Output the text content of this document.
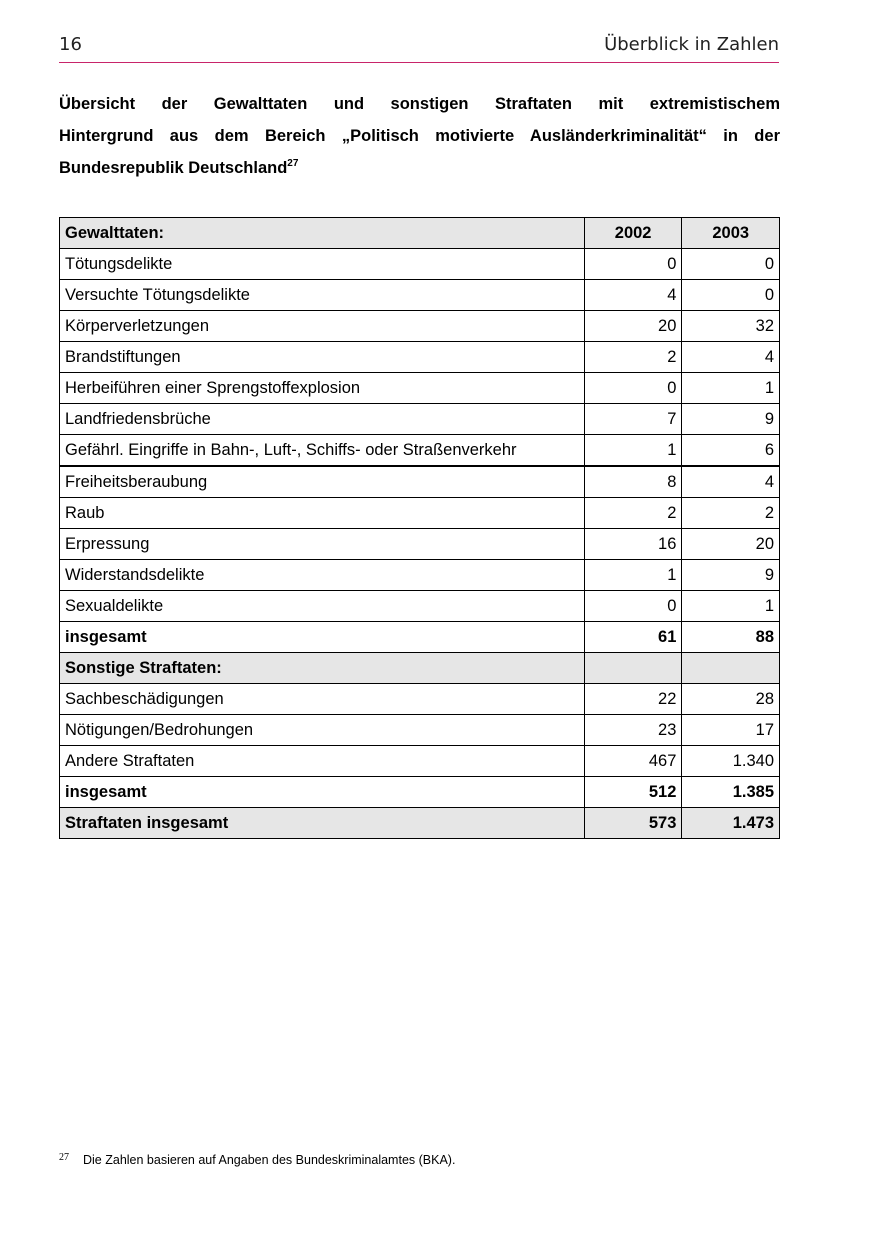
16	Überblick in Zahlen
Übersicht der Gewalttaten und sonstigen Straftaten mit extremistischem
Hintergrund aus dem Bereich „Politisch motivierte Ausländerkriminalität“ in der
Bundesrepublik Deutschland$^{27}$
Gewalttaten:	2002	2003
Tötungsdelikte	0	0
Versuchte Tötungsdelikte	4	0
Körperverletzungen	20	32
Brandstiftungen	2	4
Herbeiführen einer Sprengstoffexplosion	0	1
Landfriedensbrüche	7	9
Gefährl. Eingriffe in Bahn-, Luft-, Schiffs- oder Straßenverkehr	1	6
Freiheitsberaubung	8	4
Raub	2	2
Erpressung	16	20
Widerstandsdelikte	1	9
Sexualdelikte	0	1
insgesamt	61	88
Sonstige Straftaten:		
Sachbeschädigungen	22	28
Nötigungen/Bedrohungen	23	17
Andere Straftaten	467	1.340
insgesamt	512	1.385
Straftaten insgesamt	573	1.473
$^{27}$ Die Zahlen basieren auf Angaben des Bundeskriminalamtes (BKA).
